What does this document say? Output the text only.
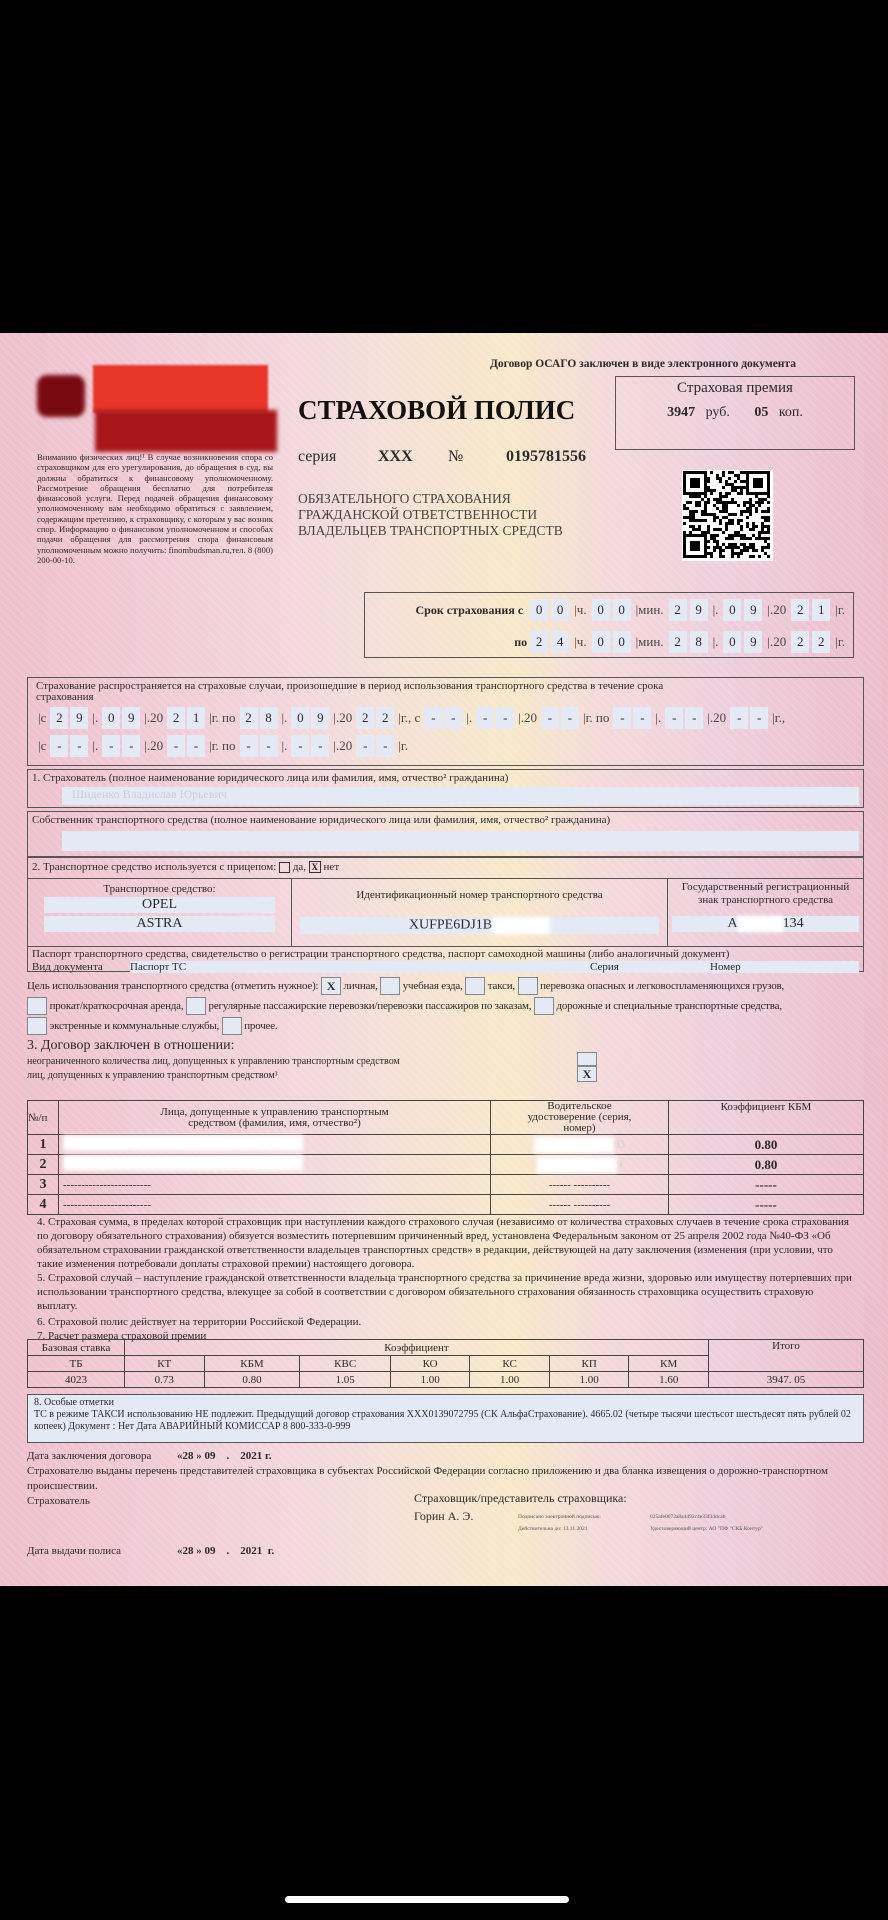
Вниманию физических лиц!¹ В случае возникновения спора со страховщиком для его урегулирования, до обращения в суд, вы должны обратиться к финансовому уполномоченному. Рассмотрение обращения бесплатно для потребителя финансовой услуги. Перед подачей обращения финансовому уполномоченному вам необходимо обратиться с заявлением, содержащим претензию, к страховщику, с которым у вас возник спор. Информацию о финансовом уполномоченном и способах подачи обращения для рассмотрения спора финансовым уполномоченным можно получить: finombudsman.ru,тел. 8 (800) 200-00-10.
Договор ОСАГО заключен в виде электронного документа
Страховая премия
3947 руб. 05 коп.
СТРАХОВОЙ ПОЛИС
серия	ХХХ №	0195781556
ОБЯЗАТЕЛЬНОГО СТРАХОВАНИЯ
ГРАЖДАНСКОЙ ОТВЕТСТВЕННОСТИ
ВЛАДЕЛЬЦЕВ ТРАНСПОРТНЫХ СРЕДСТВ
Срок страхования с 0	0 |ч. 0	0 |мин. 2	9 |. 0	9 |.20 2	1 |г.
по 2	4 |ч. 0	0 |мин. 2	8 |. 0	9 |.20 2	2 |г.
Страхование распространяется на страховые случаи, произошедшие в период использования транспортного средства в течение срока страхования
|с 2	9 |. 0	9 |.20 2	1 |г. по 2	8 |. 0	9 |.20 2	2 |г., с -	- |. -	- |.20 -	- |г. по -	- |. -	- |.20 -	- |г.,
|с -	- |. -	- |.20 -	- |г. по -	- |. -	- |.20 -	- |г.
1. Страхователь (полное наименование юридического лица или фамилия, имя, отчество² гражданина)
Шиденко Владислав Юрьевич
Собственник транспортного средства (полное наименование юридического лица или фамилия, имя, отчество² гражданина)
2. Транспортное средство используется с прицепом: да, X нет
Транспортное средство:
OPEL
ASTRA
Идентификационный номер транспортного средства
XUFPE6DJ1B
Государственный регистрационный знак транспортного средства
А	134
Паспорт транспортного средства, свидетельство о регистрации транспортного средства, паспорт самоходной машины (либо аналогичный документ)
Вид документа	Паспорт ТС	Серия	Номер
Цель использования транспортного средства (отметить нужное): X личная, учебная езда, такси, перевозка опасных и легковоспламеняющихся грузов,
прокат/краткосрочная аренда, регулярные пассажирские перевозки/перевозки пассажиров по заказам, дорожные и специальные транспортные средства,
экстренные и коммунальные службы, прочее.
3. Договор заключен в отношении:
неограниченного количества лиц, допущенных к управлению транспортным средством
лиц, допущенных к управлению транспортным средством³	X
№/п	Лица, допущенные к управлению транспортным средством (фамилия, имя, отчество²)	Водительское удостоверение (серия, номер)	Коэффициент КБМ
1		03	0.80
2		9	0.80
3	------------------------	------ ----------	-----
4	------------------------	------ ----------	-----

4. Страховая сумма, в пределах которой страховщик при наступлении каждого страхового случая (независимо от количества страховых случаев в течение срока страхования по договору обязательного страхования) обязуется возместить потерпевшим причиненный вред, установлена Федеральным законом от 25 апреля 2002 года №40-ФЗ «Об обязательном страховании гражданской ответственности владельцев транспортных средств» в редакции, действующей на дату заключения (изменения (при условии, что такие изменения потребовали доплаты страховой премии) настоящего договора.

5. Страховой случай – наступление гражданской ответственности владельца транспортного средства за причинение вреда жизни, здоровью или имуществу потерпевших при использовании транспортного средства, влекущее за собой в соответствии с договором обязательного страхования обязанность страховщика осуществить страховую выплату.

6. Страховой полис действует на территории Российской Федерации.

7. Расчет размера страховой премии

Базовая ставка	Коэффициент							Итого
ТБ	КТ	КБМ	КВС	КО	КС	КП	КМ	
4023	0.73	0.80	1.05	1.00	1.00	1.00	1.60	3947. 05
8. Особые отметки
ТС в режиме ТАКСИ использованию НЕ подлежит. Предыдущий договор страхования ХХХ0139072795 (СК АльфаСтрахование). 4665.02 (четыре тысячи шестьсот шестьдесят пять рублей 02 копеек) Документ : Нет Дата АВАРИЙНЫЙ КОМИССАР 8 800-333-0-999
Дата заключения договора «28 » 09    .    2021 г.
Страхователю выданы перечень представителей страховщика в субъектах Российской Федерации согласно приложению и два бланка извещения о дорожно-транспортном происшествии.
Страхователь	Страховщик/представитель страховщика:
Горин А. Э.	Подписано электронной подписью:
Действительна до: 13.11.2021
025afe0072a8a4492c4e33f34dcab
Удостоверяющий центр: АО "ПФ "СКБ Контур"
Дата выдачи полиса	«28 » 09    .    2021  г.
